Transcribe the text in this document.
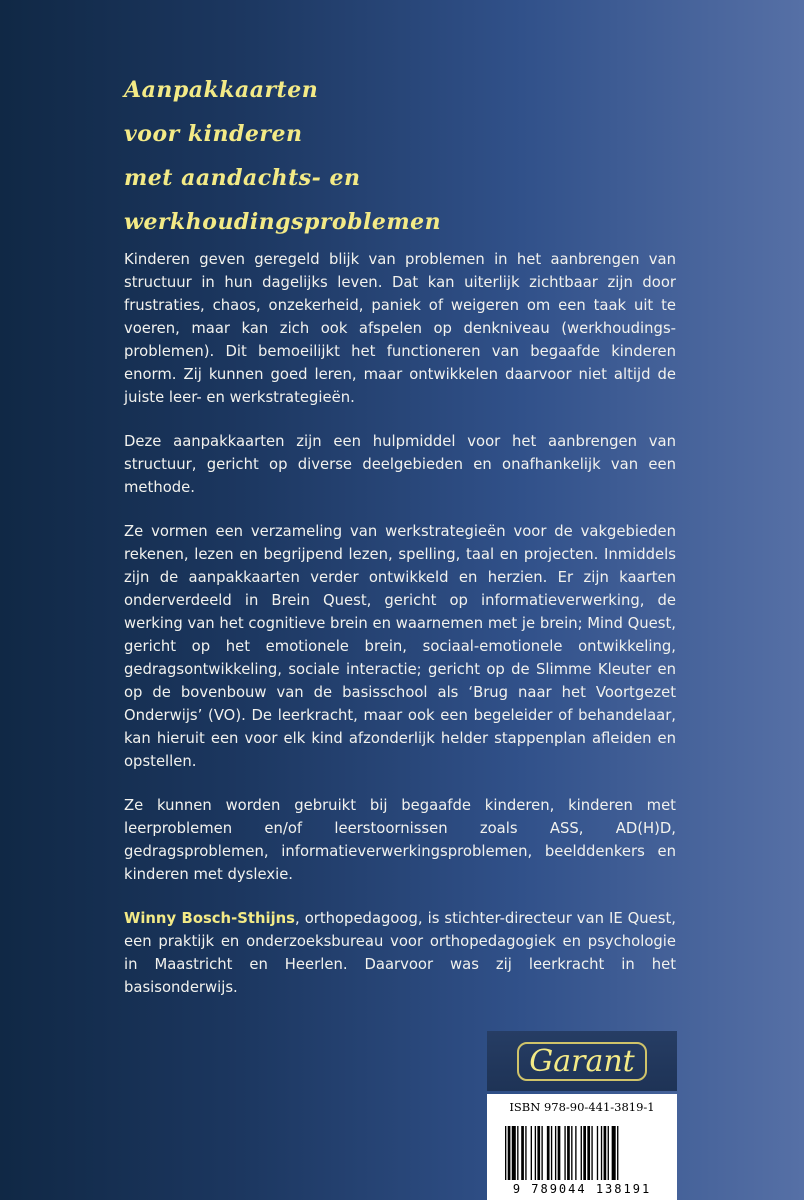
Aanpakkaarten
voor kinderen
met aandachts- en
werkhoudingsproblemen

Kinderen geven geregeld blijk van problemen in het aanbrengen van structuur in hun dagelijks leven. Dat kan uiterlijk zichtbaar zijn door frustraties, chaos, onzekerheid, paniek of weigeren om een taak uit te voeren, maar kan zich ook afspelen op denkniveau (werkhoudings-problemen). Dit bemoeilijkt het functioneren van begaafde kinderen enorm. Zij kunnen goed leren, maar ontwikkelen daarvoor niet altijd de juiste leer- en werkstrategieën.

Deze aanpakkaarten zijn een hulpmiddel voor het aanbrengen van structuur, gericht op diverse deelgebieden en onafhankelijk van een methode.

Ze vormen een verzameling van werkstrategieën voor de vakgebieden rekenen, lezen en begrijpend lezen, spelling, taal en projecten. Inmiddels zijn de aanpakkaarten verder ontwikkeld en herzien. Er zijn kaarten onderverdeeld in Brein Quest, gericht op informatieverwerking, de werking van het cognitieve brein en waarnemen met je brein; Mind Quest, gericht op het emotionele brein, sociaal-emotionele ontwikkeling, gedragsontwikkeling, sociale interactie; gericht op de Slimme Kleuter en op de bovenbouw van de basisschool als ‘Brug naar het Voortgezet Onderwijs’ (VO). De leerkracht, maar ook een begeleider of behandelaar, kan hieruit een voor elk kind afzonderlijk helder stappenplan afleiden en opstellen.

Ze kunnen worden gebruikt bij begaafde kinderen, kinderen met leerproblemen en/of leerstoornissen zoals ASS, AD(H)D, gedragsproblemen, informatieverwerkingsproblemen, beelddenkers en kinderen met dyslexie.

Winny Bosch-Sthijns, orthopedagoog, is stichter-directeur van IE Quest, een praktijk en onderzoeksbureau voor orthopedagogiek en psychologie in Maastricht en Heerlen. Daarvoor was zij leerkracht in het basisonderwijs.

Garant
ISBN 978-90-441-3819-1
9 789044 138191
